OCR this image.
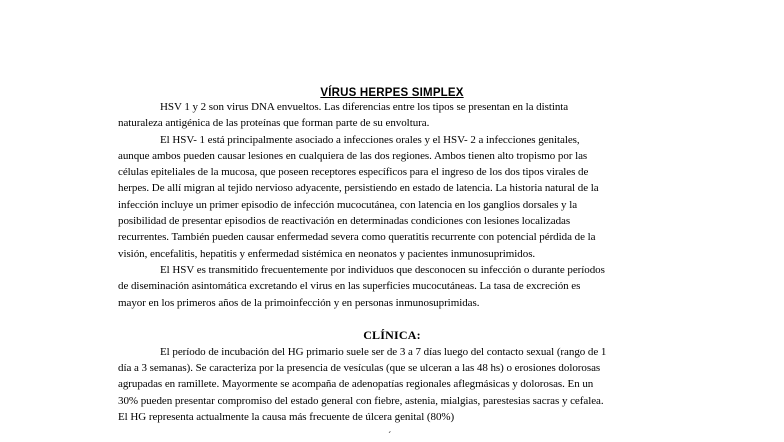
VÍRUS HERPES SIMPLEX
HSV 1 y 2 son virus DNA envueltos. Las diferencias entre los tipos se presentan en la distinta
naturaleza antigénica de las proteínas que forman parte de su envoltura.
El HSV- 1 está principalmente asociado a infecciones orales y el HSV- 2 a infecciones genitales,
aunque ambos pueden causar lesiones en cualquiera de las dos regiones. Ambos tienen alto tropismo por las
células epiteliales de la mucosa, que poseen receptores específicos para el ingreso de los dos tipos virales de
herpes. De allí migran al tejido nervioso adyacente, persistiendo en estado de latencia. La historia natural de la
infección incluye un primer episodio de infección mucocutánea, con latencia en los ganglios dorsales y la
posibilidad de presentar episodios de reactivación en determinadas condiciones con lesiones localizadas
recurrentes. También pueden causar enfermedad severa como queratitis recurrente con potencial pérdida de la
visión, encefalitis, hepatitis y enfermedad sistémica en neonatos y pacientes inmunosuprimidos.
El HSV es transmitido frecuentemente por individuos que desconocen su infección o durante períodos
de diseminación asintomática excretando el virus en las superficies mucocutáneas. La tasa de excreción es
mayor en los primeros años de la primoinfección y en personas inmunosuprimidas.
CLÍNICA:
El período de incubación del HG primario suele ser de 3 a 7 días luego del contacto sexual (rango de 1
día a 3 semanas). Se caracteriza por la presencia de vesículas (que se ulceran a las 48 hs) o erosiones dolorosas
agrupadas en ramillete. Mayormente se acompaña de adenopatías regionales aflegmásicas y dolorosas. En un
30% pueden presentar compromiso del estado general con fiebre, astenia, mialgias, parestesias sacras y cefalea.
El HG representa actualmente la causa más frecuente de úlcera genital (80%)
´
